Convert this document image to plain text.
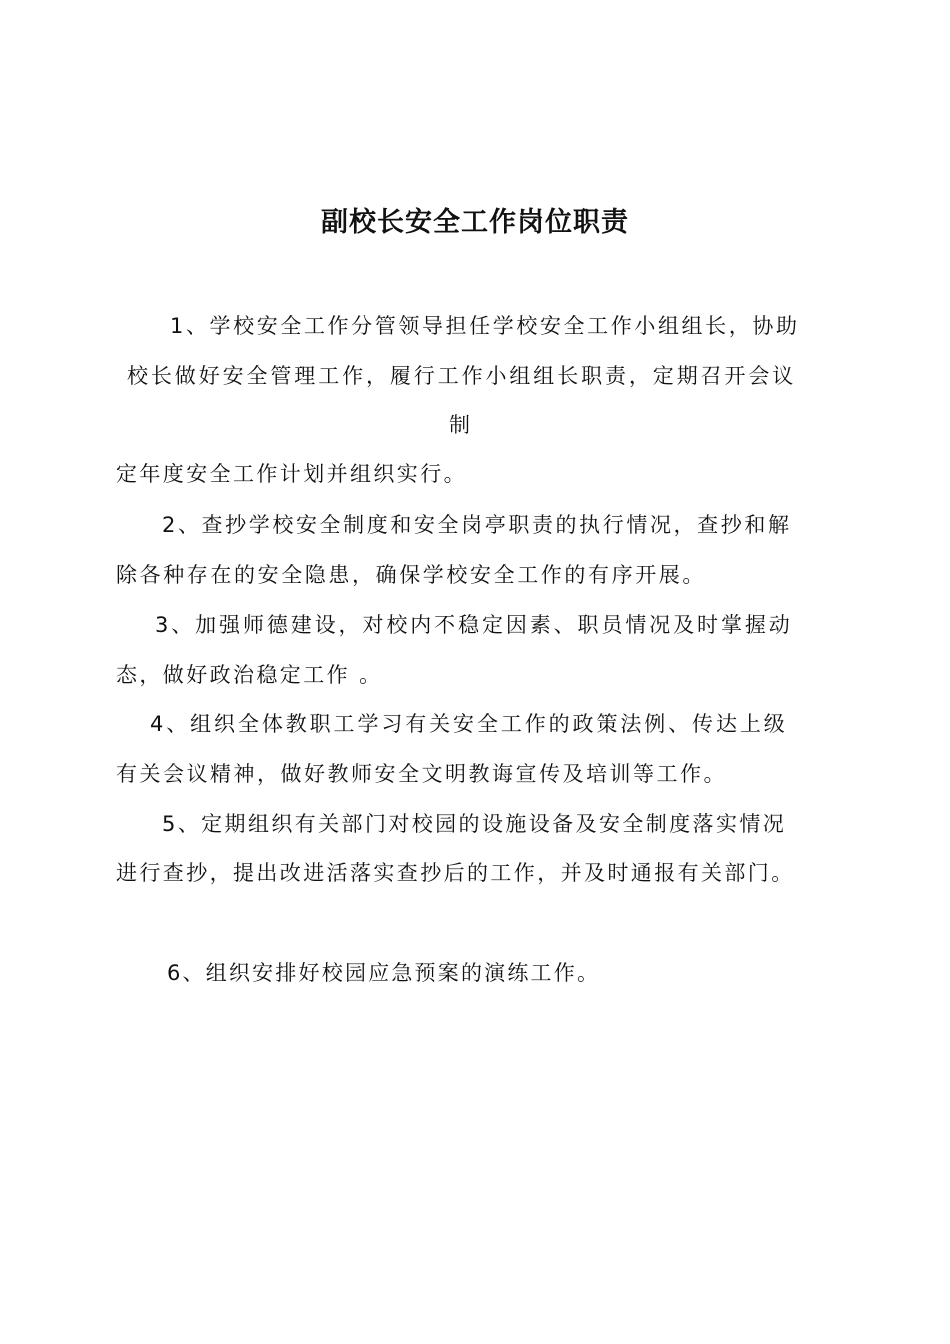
副校长安全工作岗位职责
1、学校安全工作分管领导担任学校安全工作小组组长，协助
校长做好安全管理工作，履行工作小组组长职责，定期召开会议
制
定年度安全工作计划并组织实行。
2、查抄学校安全制度和安全岗亭职责的执行情况，查抄和解
除各种存在的安全隐患，确保学校安全工作的有序开展。
3、加强师德建设，对校内不稳定因素、职员情况及时掌握动
态，做好政治稳定工作 。
4、组织全体教职工学习有关安全工作的政策法例、传达上级
有关会议精神，做好教师安全文明教诲宣传及培训等工作。
5、定期组织有关部门对校园的设施设备及安全制度落实情况
进行查抄，提出改进活落实查抄后的工作，并及时通报有关部门。
6、组织安排好校园应急预案的演练工作。
